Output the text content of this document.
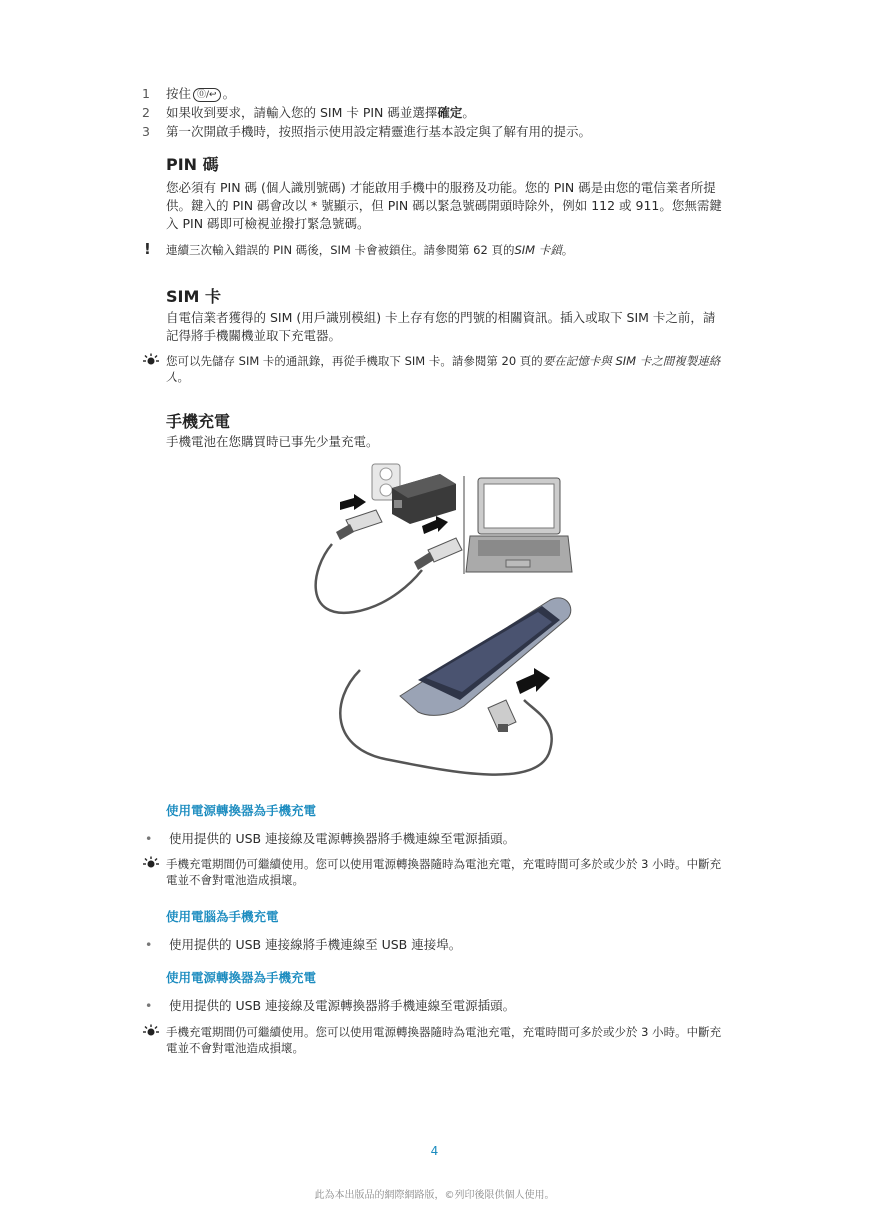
1	按住 ⓪/↩ 。
2	如果收到要求，請輸入您的 SIM 卡 PIN 碼並選擇確定。
3	第一次開啟手機時，按照指示使用設定精靈進行基本設定與了解有用的提示。
PIN 碼

您必須有 PIN 碼 (個人識別號碼) 才能啟用手機中的服務及功能。您的 PIN 碼是由您的電信業者所提供。鍵入的 PIN 碼會改以 * 號顯示，但 PIN 碼以緊急號碼開頭時除外，例如 112 或 911。您無需鍵入 PIN 碼即可檢視並撥打緊急號碼。

! 連續三次輸入錯誤的 PIN 碼後，SIM 卡會被鎖住。請參閱第 62 頁的SIM 卡鎖。
SIM 卡

自電信業者獲得的 SIM (用戶識別模組) 卡上存有您的門號的相關資訊。插入或取下 SIM 卡之前，請記得將手機關機並取下充電器。

您可以先儲存 SIM 卡的通訊錄，再從手機取下 SIM 卡。請參閱第 20 頁的要在記憶卡與 SIM 卡之間複製連絡人。
手機充電

手機電池在您購買時已事先少量充電。

Sony Ericsson
使用電源轉換器為手機充電
•	使用提供的 USB 連接線及電源轉換器將手機連線至電源插頭。
手機充電期間仍可繼續使用。您可以使用電源轉換器隨時為電池充電，充電時間可多於或少於 3 小時。中斷充電並不會對電池造成損壞。
使用電腦為手機充電
•	使用提供的 USB 連接線將手機連線至 USB 連接埠。
使用電源轉換器為手機充電
•	使用提供的 USB 連接線及電源轉換器將手機連線至電源插頭。
手機充電期間仍可繼續使用。您可以使用電源轉換器隨時為電池充電，充電時間可多於或少於 3 小時。中斷充電並不會對電池造成損壞。
4
此為本出版品的網際網路版，©列印後限供個人使用。
